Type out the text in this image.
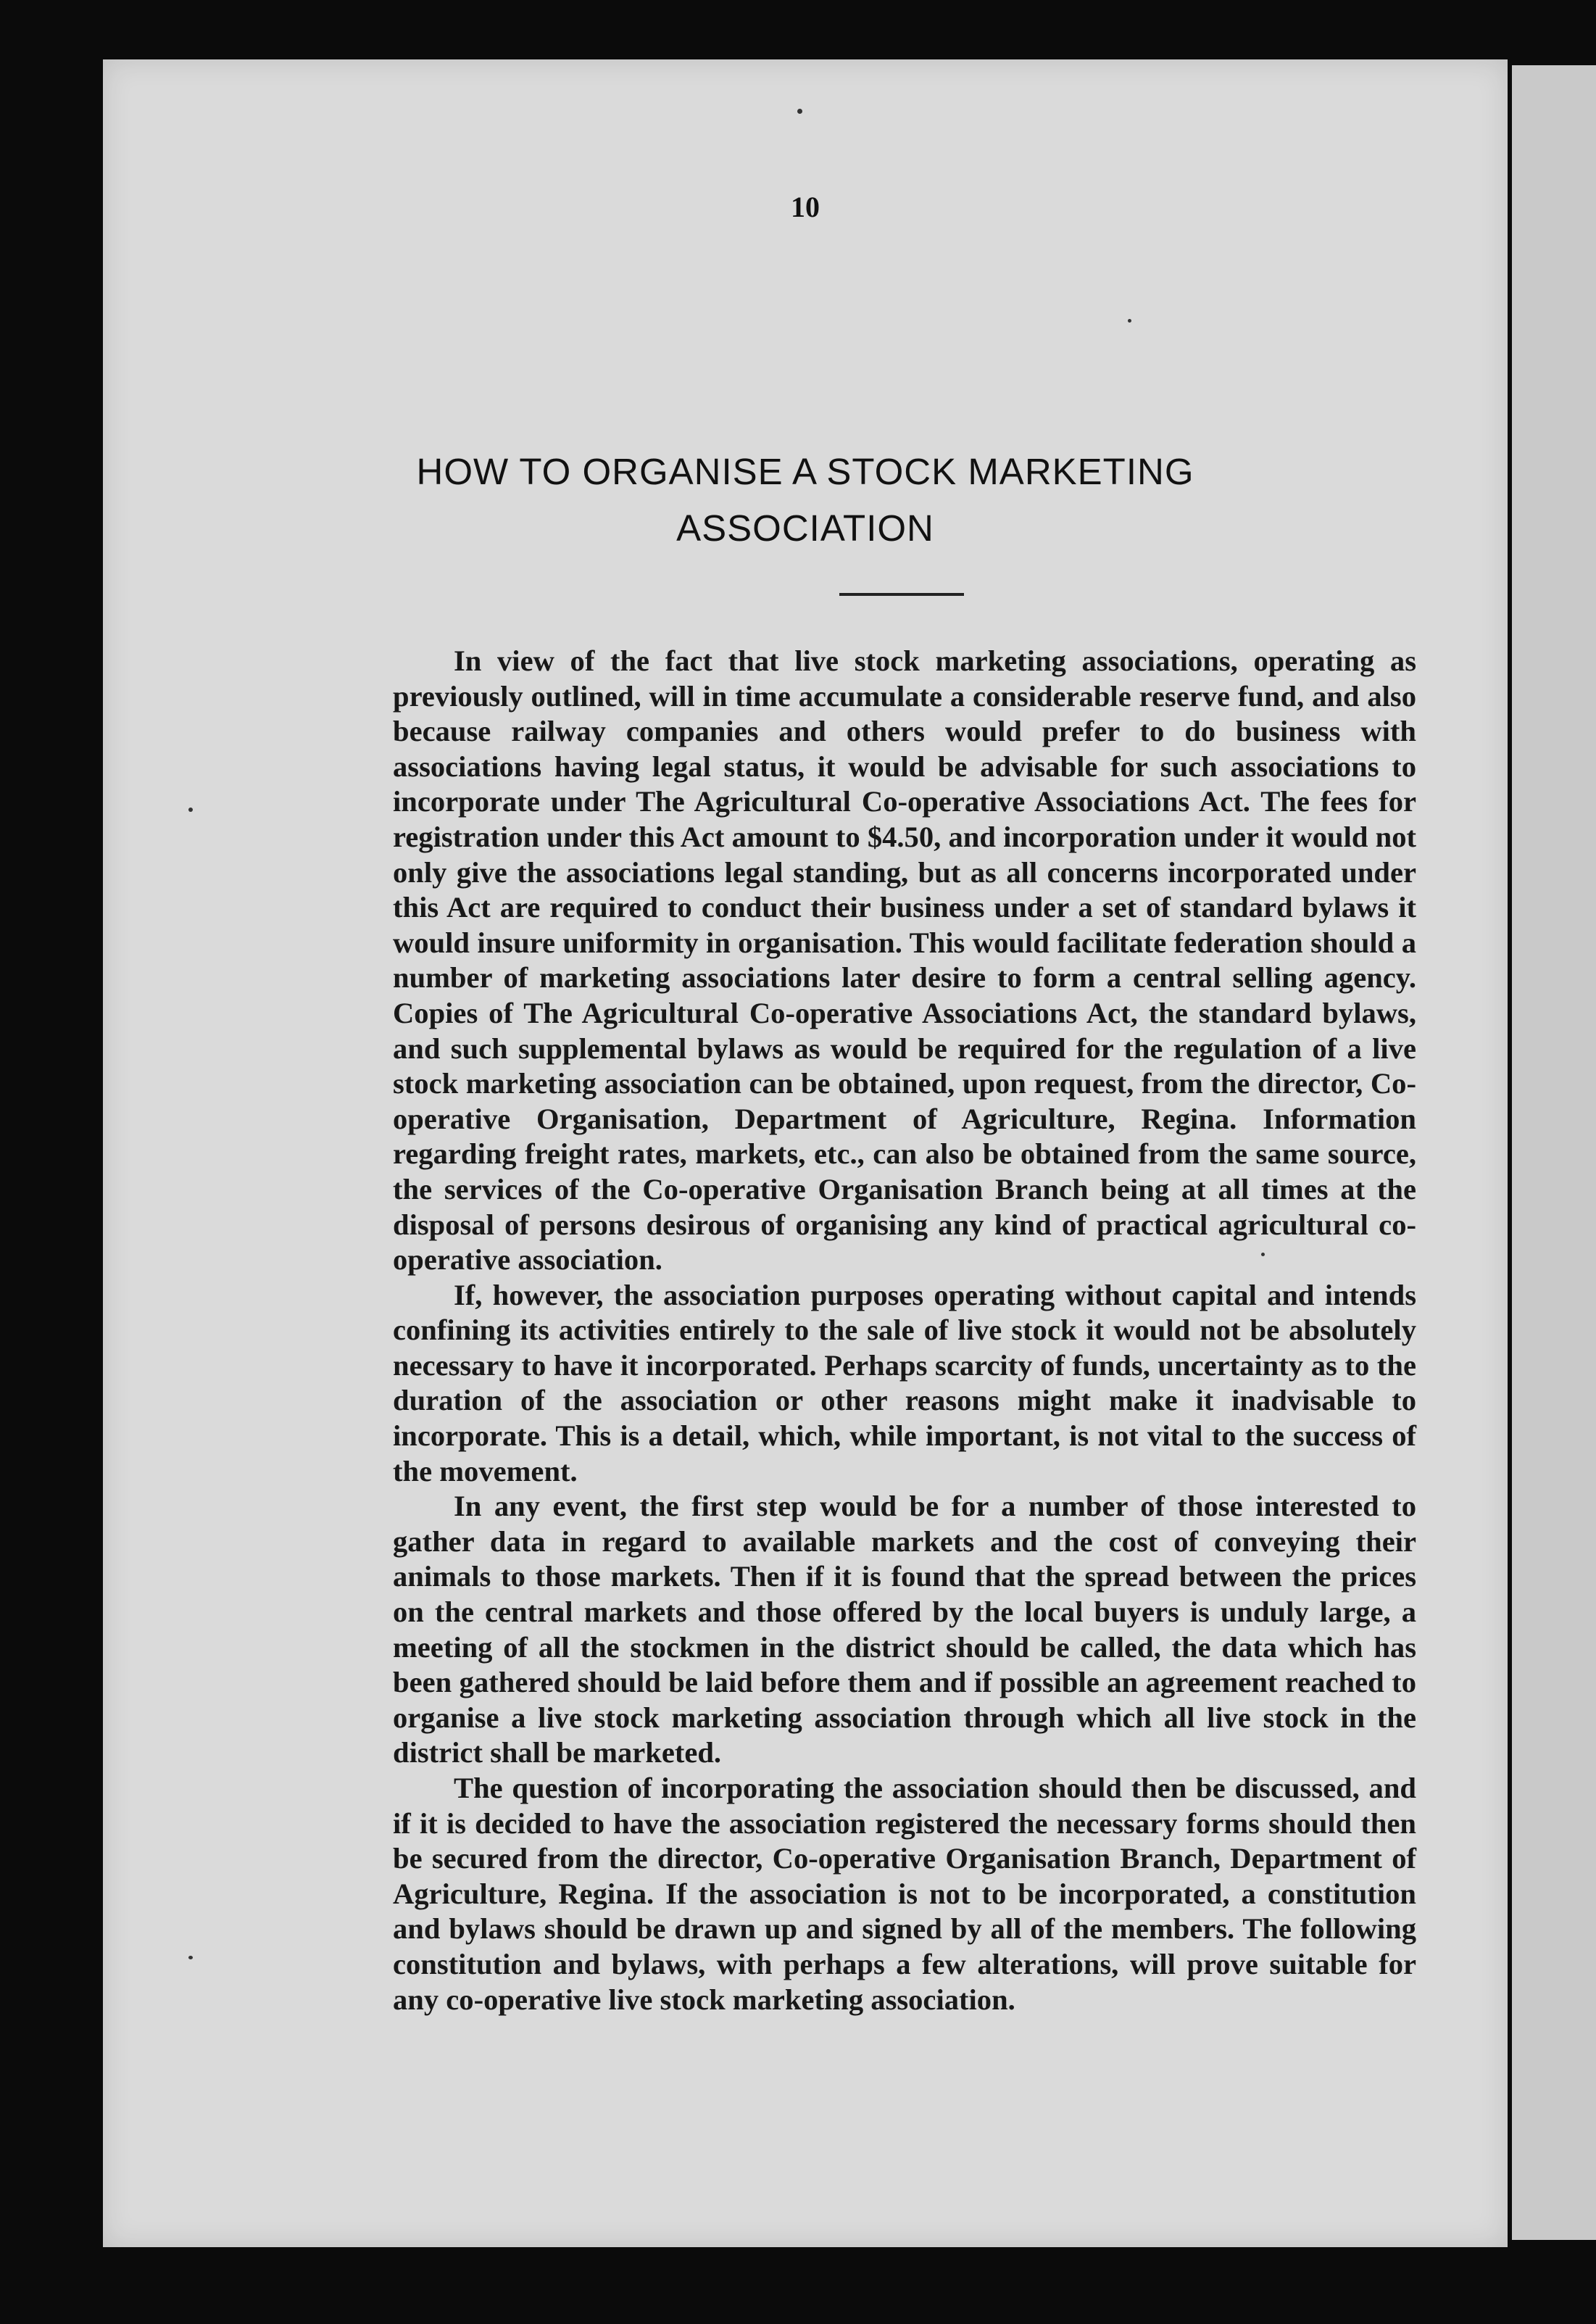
10
HOW TO ORGANISE A STOCK MARKETING
ASSOCIATION

In view of the fact that live stock marketing associations, operating as previously outlined, will in time accumulate a considerable reserve fund, and also because railway companies and others would prefer to do business with associations having legal status, it would be advisable for such associations to incorporate under The Agricultural Co-operative Associations Act. The fees for registration under this Act amount to $4.50, and incorporation under it would not only give the associations legal standing, but as all concerns incorporated under this Act are required to conduct their business under a set of standard bylaws it would insure uniformity in organisation. This would facilitate federation should a number of marketing associations later desire to form a central selling agency. Copies of The Agricultural Co-operative Associations Act, the standard bylaws, and such supplemental bylaws as would be required for the regulation of a live stock marketing association can be obtained, upon request, from the director, Co-operative Organisation, Department of Agriculture, Regina. Information regarding freight rates, markets, etc., can also be obtained from the same source, the services of the Co-operative Organisation Branch being at all times at the disposal of persons desirous of organising any kind of practical agricultural co-operative association.

If, however, the association purposes operating without capital and intends confining its activities entirely to the sale of live stock it would not be absolutely necessary to have it incorporated. Perhaps scarcity of funds, uncertainty as to the duration of the association or other reasons might make it inadvisable to incorporate. This is a detail, which, while important, is not vital to the success of the movement.

In any event, the first step would be for a number of those interested to gather data in regard to available markets and the cost of conveying their animals to those markets. Then if it is found that the spread between the prices on the central markets and those offered by the local buyers is unduly large, a meeting of all the stockmen in the district should be called, the data which has been gathered should be laid before them and if possible an agreement reached to organise a live stock marketing association through which all live stock in the district shall be marketed.

The question of incorporating the association should then be discussed, and if it is decided to have the association registered the necessary forms should then be secured from the director, Co-operative Organisation Branch, Department of Agriculture, Regina. If the association is not to be incorporated, a constitution and bylaws should be drawn up and signed by all of the members. The following constitution and bylaws, with perhaps a few alterations, will prove suitable for any co-operative live stock marketing association.
